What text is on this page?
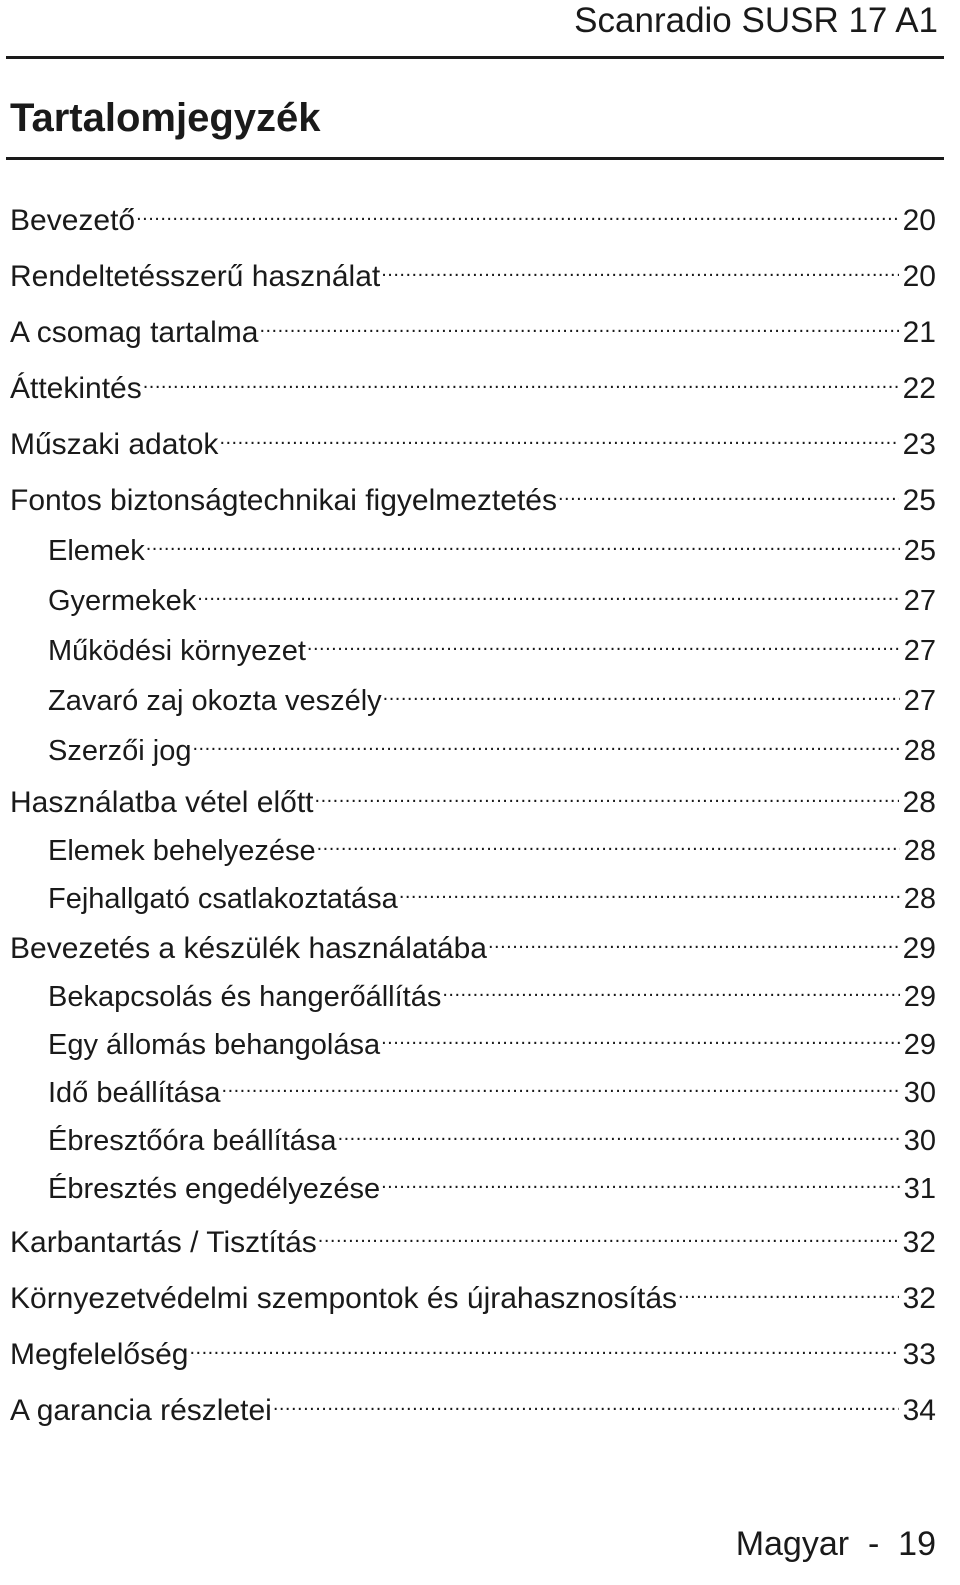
Scanradio SUSR 17 A1
Tartalomjegyzék
Bevezető .....	20
Rendeltetésszerű használat .....	20
A csomag tartalma .....	21
Áttekintés .....	22
Műszaki adatok .....	23
Fontos biztonságtechnikai figyelmeztetés .....	25
Elemek .....	25
Gyermekek .....	27
Működési környezet .....	27
Zavaró zaj okozta veszély .....	27
Szerzői jog .....	28
Használatba vétel előtt .....	28
Elemek behelyezése .....	28
Fejhallgató csatlakoztatása .....	28
Bevezetés a készülék használatába .....	29
Bekapcsolás és hangerőállítás .....	29
Egy állomás behangolása .....	29
Idő beállítása .....	30
Ébresztőóra beállítása .....	30
Ébresztés engedélyezése .....	31
Karbantartás / Tisztítás .....	32
Környezetvédelmi szempontok és újrahasznosítás .....	32
Megfelelőség .....	33
A garancia részletei .....	34
Magyar  -  19
